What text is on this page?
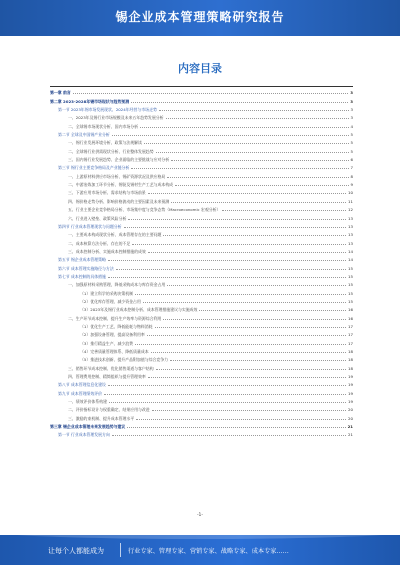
锡企业成本管理策略研究报告
内容目录
第一章 前言	3
第二章 2023-2028年锡市场现状与趋势预测	3
第一节 2023年锡市场发展现状、2024年经营与市场走势	3
一、2023年及锡行业市场规模及未来五年趋势发展分析	3
二、全球锡市场现状分析、国内市场分析	4
第二节 全球及中国锡产业分析	5
一、锡行业发展环境分析、政策与法规解读	5
二、全球锡行业供需现状分析、行业整体发展趋势	5
三、国内锡行业发展趋势、企业面临的主要挑战与应对分析	6
第三节 锡行业主要竞争格局及产业链分析	7
一、上游原材料供应市场分析、锡矿资源状况及供应格局	8
二、中游冶炼加工环节分析、锡锭及锡材生产工艺与成本构成	9
三、下游应用市场分析、需求结构与市场前景	10
四、锡价格走势分析、影响价格波动的主要因素及未来预测	11
五、行业主要企业竞争格局分析、市场集中度与竞争态势（Macroeconomic 宏观分析）	12
六、行业进入壁垒、政策风险分析	13
第四节 行业成本管理现状与问题分析	13
一、主要成本构成现状分析、成本管理存在的主要问题	13
二、成本核算方法分析、存在的不足	13
三、成本控制分析、实施成本控制措施的成效	14
第五节 锡企业成本管理策略	14
第六节 成本管理实施路径与方法	15
第七节 成本控制的具体措施	15
一、加强原材料采购管理，降低采购成本与库存资金占用	15
（1）建立科学的采购决策机制	15
（2）优化库存管理、减少资金占用	15
（3）2023年及锡行业成本控制分析、成本管理措施建议与实施成效	16
二、生产环节成本控制、提升生产效率与资源综合利用	16
（1）优化生产工艺、降低能耗与物料消耗	17
（2）加强设备管理、提高设备利用率	17
（3）推行精益生产、减少浪费	17
（4）完善质量管理体系、降低质量成本	18
（5）推进技术创新、提升产品附加值与综合竞争力	18
三、销售环节成本控制、优化销售渠道与客户结构	18
四、管理费用控制、精简组织与提升管理效率	19
第八节 成本管理信息化建设	19
第九节 成本管理绩效评价	19
一、绩效评价体系构建	19
二、评价指标设计与权重确定、结果应用与改进	20
三、激励约束机制、提升成本管理水平	20
第三章 锡企业成本管理未来发展趋势与建议	21
第一节 行业成本管理发展方向	21
-1-
让每个人都能成为	行业专家、管理专家、营销专家、战略专家、成本专家……
